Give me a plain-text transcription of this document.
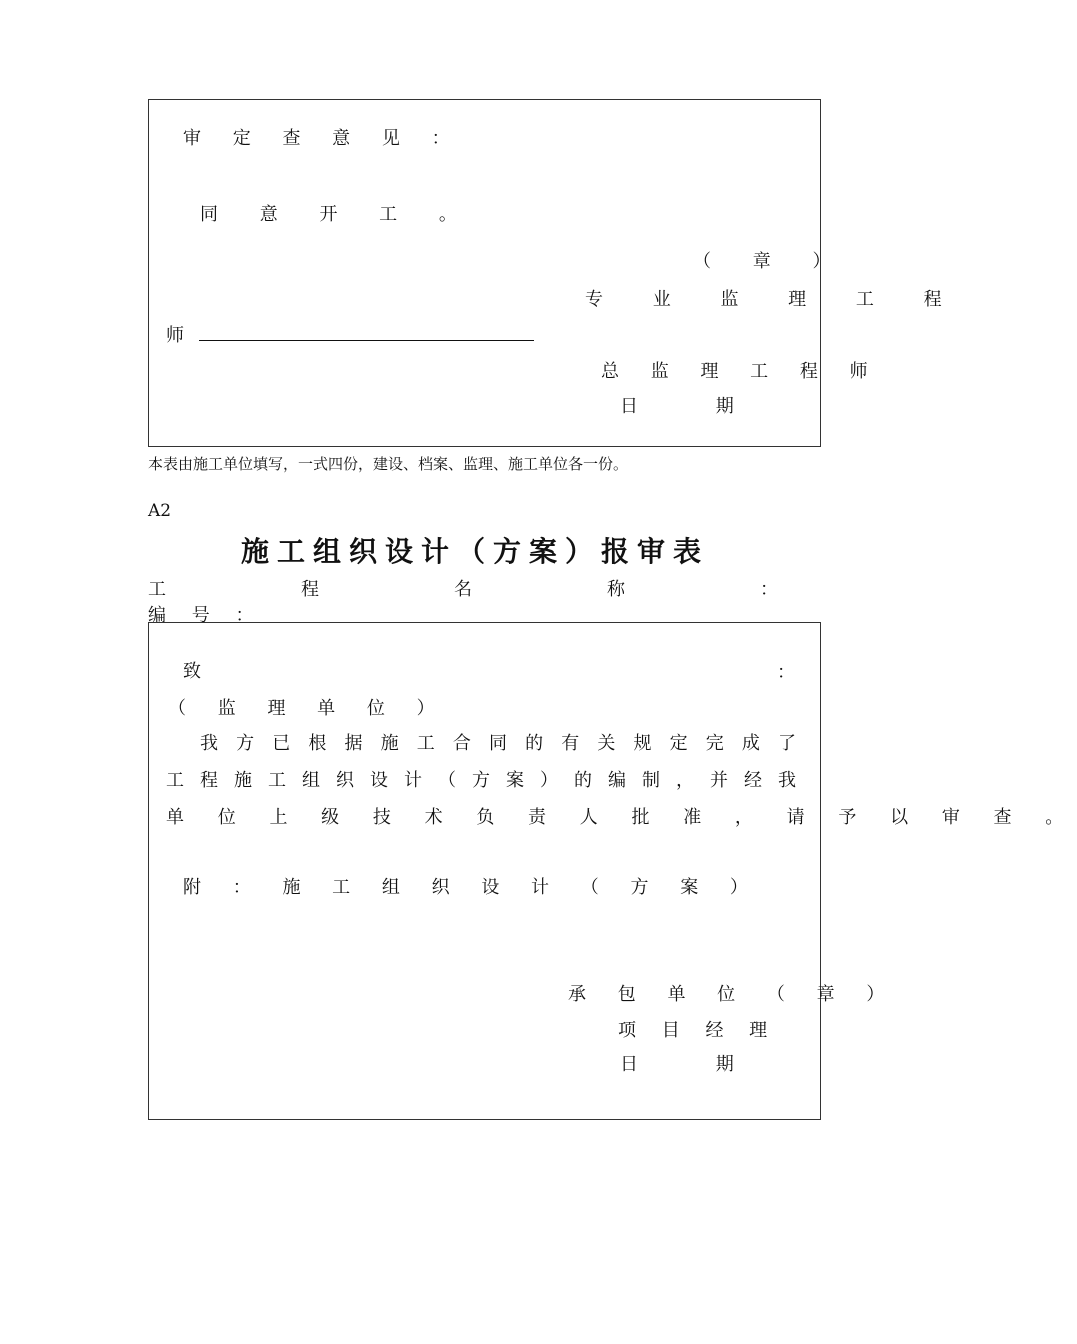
审 定 查 意 见 ：
同 意 开 工 。
（ 章 ）
专 业 监 理 工 程
师
总 监 理 工 程 师
日 期
本表由施工单位填写，一式四份，建设、档案、监理、施工单位各一份。
A2
施工组织设计（方案）报审表
工	程	名	称	：
编 号 ：
致	：
（ 监 理 单 位 ）
我 方 已 根 据 施 工 合 同 的 有 关 规 定 完 成 了
工 程 施 工 组 织 设 计 （ 方 案 ） 的 编 制 ， 并 经 我
单 位 上 级 技 术 负 责 人 批 准 ， 请 予 以 审 查 。
附 ： 施 工 组 织 设 计 （ 方 案 ）
承 包 单 位 （ 章 ）
项 目 经 理
日 期
